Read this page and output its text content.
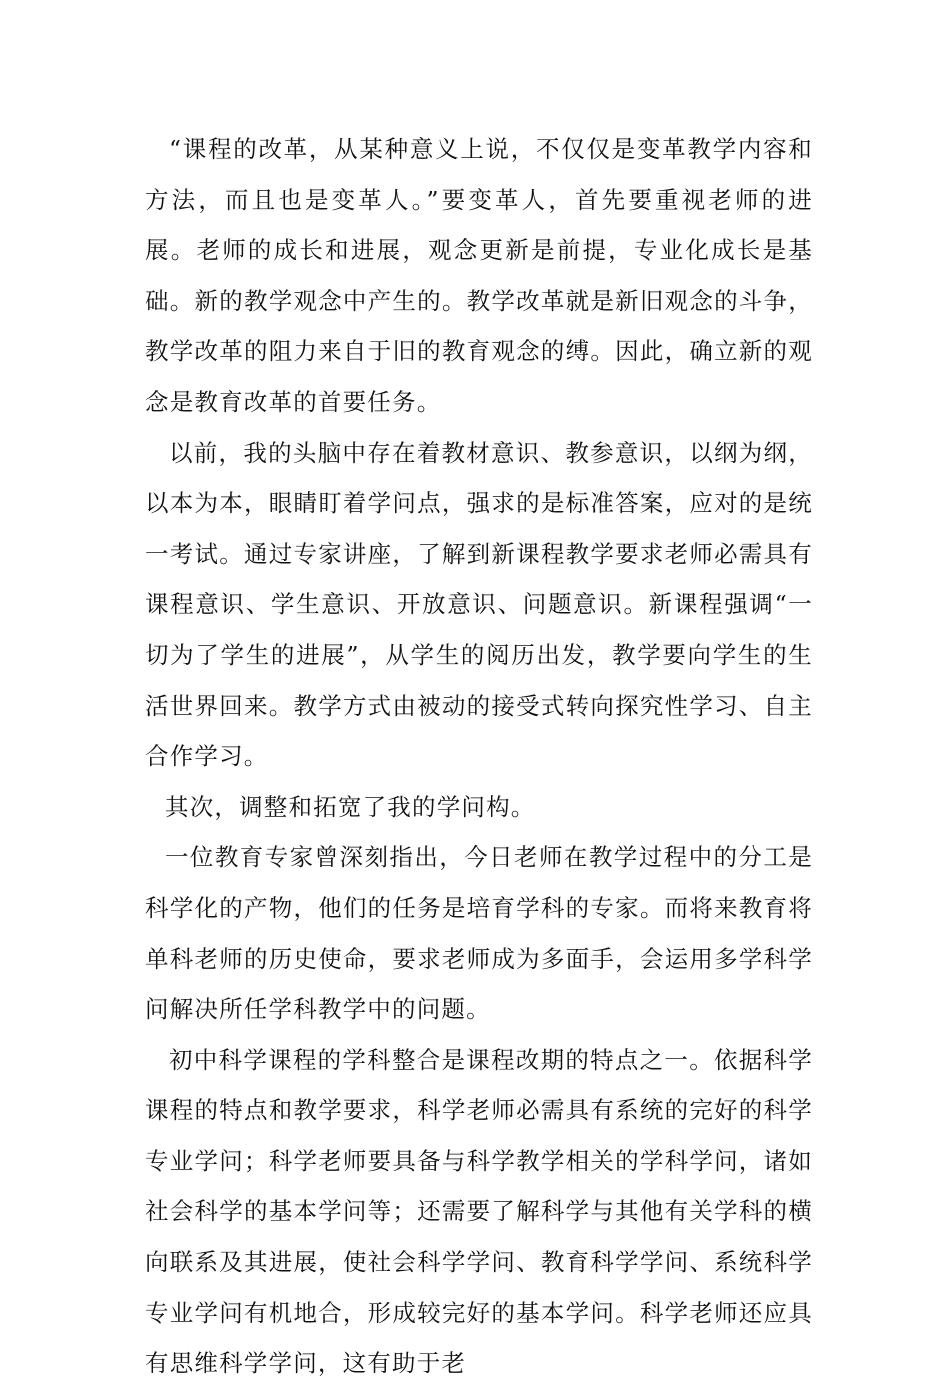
“课程的改革，从某种意义上说，不仅仅是变革教学内容和方法，而且也是变革人。”要变革人，首先要重视老师的进展。老师的成长和进展，观念更新是前提，专业化成长是基础。新的教学观念中产生的。教学改革就是新旧观念的斗争，教学改革的阻力来自于旧的教育观念的缚。因此，确立新的观念是教育改革的首要任务。

以前，我的头脑中存在着教材意识、教参意识，以纲为纲，以本为本，眼睛盯着学问点，强求的是标准答案，应对的是统一考试。通过专家讲座，了解到新课程教学要求老师必需具有课程意识、学生意识、开放意识、问题意识。新课程强调“一切为了学生的进展”，从学生的阅历出发，教学要向学生的生活世界回来。教学方式由被动的接受式转向探究性学习、自主合作学习。

其次，调整和拓宽了我的学问构。

一位教育专家曾深刻指出，今日老师在教学过程中的分工是科学化的产物，他们的任务是培育学科的专家。而将来教育将单科老师的历史使命，要求老师成为多面手，会运用多学科学问解决所任学科教学中的问题。

初中科学课程的学科整合是课程改期的特点之一。依据科学课程的特点和教学要求，科学老师必需具有系统的完好的科学专业学问；科学老师要具备与科学教学相关的学科学问，诸如社会科学的基本学问等；还需要了解科学与其他有关学科的横向联系及其进展，使社会科学学问、教育科学学问、系统科学专业学问有机地合，形成较完好的基本学问。科学老师还应具有思维科学学问，这有助于老
